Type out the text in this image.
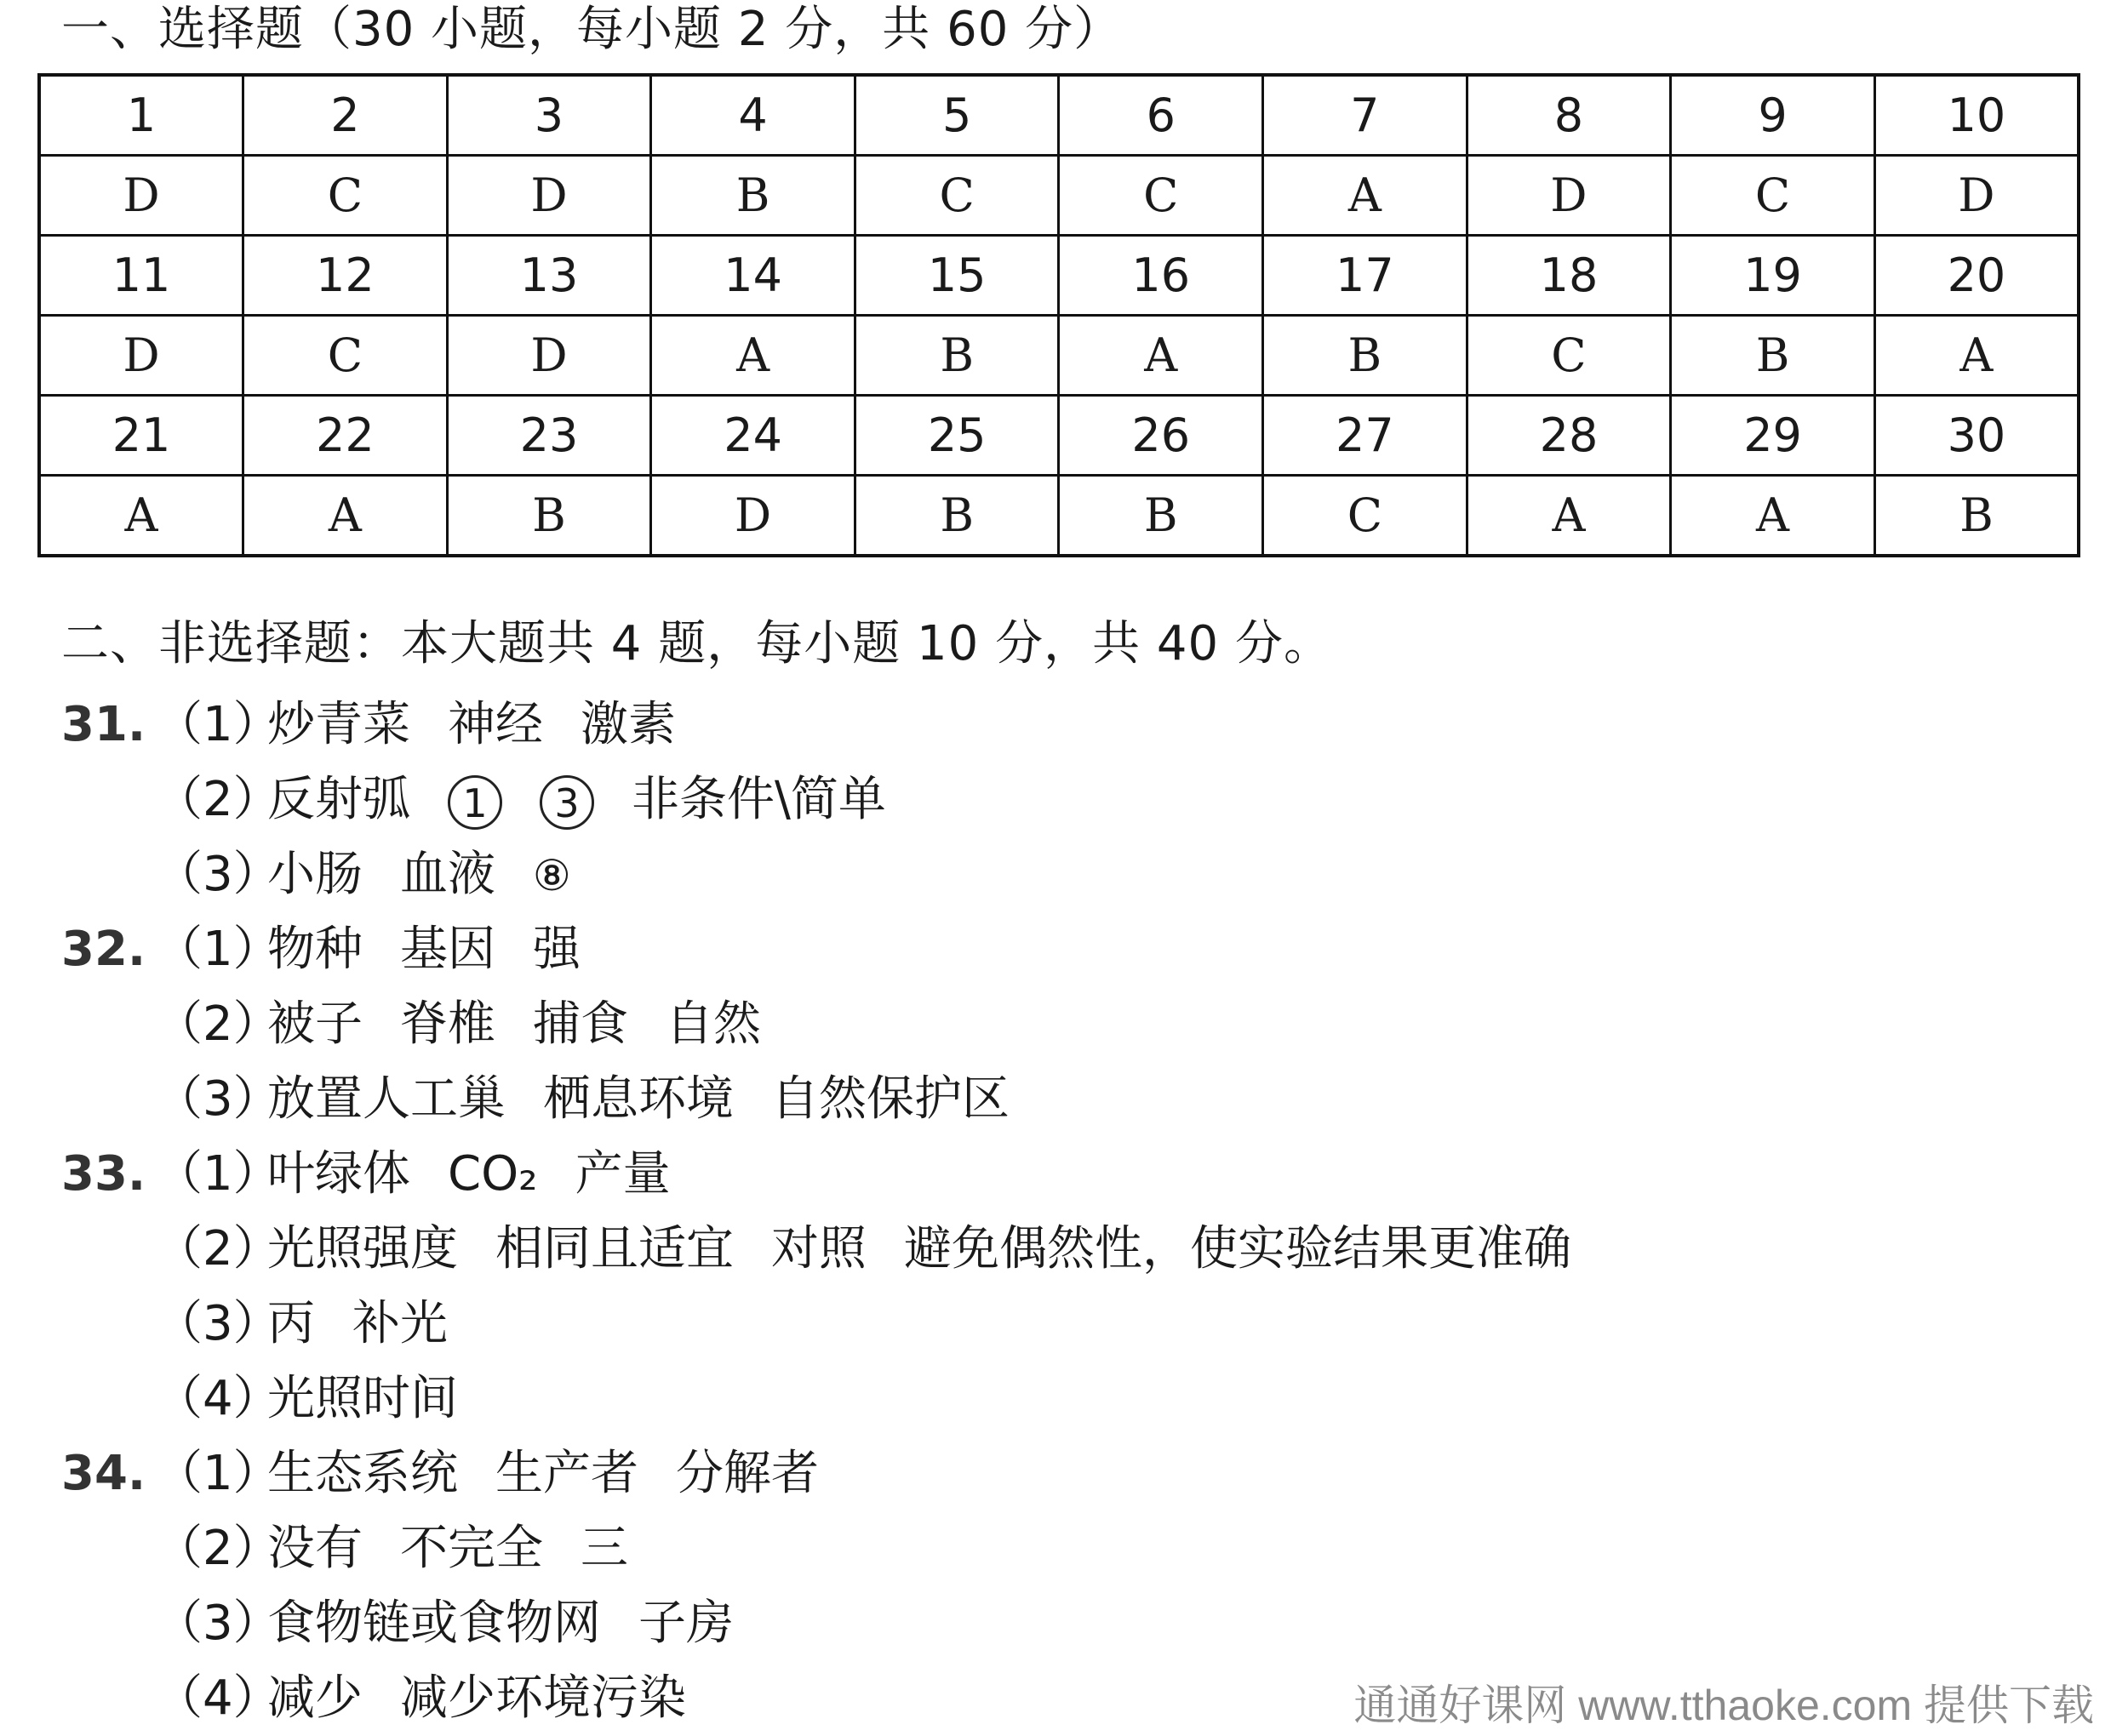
一、选择题（30 小题，每小题 2 分，共 60 分）
1	2	3	4	5	6	7	8	9	10
D	C	D	B	C	C	A	D	C	D
11	12	13	14	15	16	17	18	19	20
D	C	D	A	B	A	B	C	B	A
21	22	23	24	25	26	27	28	29	30
A	A	B	D	B	B	C	A	A	B
二、非选择题：本大题共 4 题，每小题 10 分，共 40 分。
31. （1）炒青菜 神经 激素
（2）反射弧 1 3 非条件\简单
（3）小肠 血液 ⑧
32. （1）物种 基因 强
（2）被子 脊椎 捕食 自然
（3）放置人工巢 栖息环境 自然保护区
33. （1）叶绿体 CO₂ 产量
（2）光照强度 相同且适宜 对照 避免偶然性，使实验结果更准确
（3）丙 补光
（4）光照时间
34. （1）生态系统 生产者 分解者
（2）没有 不完全 三
（3）食物链或食物网 子房
（4）减少 减少环境污染	通通好课网 www.tthaoke.com 提供下载
